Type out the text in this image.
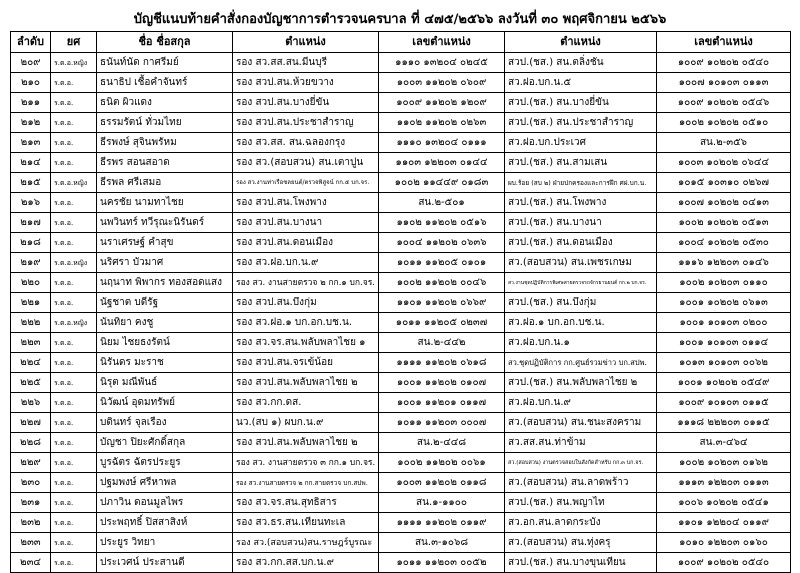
บัญชีแนบท้ายคำสั่งกองบัญชาการตำรวจนครบาล ที่ ๔๗๕/๒๕๖๖ ลงวันที่ ๓๐ พฤศจิกายน ๒๕๖๖
ลำดับ	ยศ	ชื่อ ชื่อสกุล	ตำแหน่ง	เลขตำแหน่ง	ตำแหน่ง	เลขตำแหน่ง
๒๐๙	ร.ต.อ.หญิง	ธนันท์นัด กาศรีมย์	รอง สว.สส.สน.มีนบุรี	๑๑๑๐ ๑๓๒๐๔ ๐๒๔๕	สวป.(ชส.) สน.ตลิ่งชัน	๑๐๐๙ ๑๐๒๐๒ ๐๕๔๐
๒๑๐	ร.ต.อ.	ธนาธิป เชื้อคำจันทร์	รอง สวป.สน.ห้วยขวาง	๑๐๐๓ ๑๑๒๐๒ ๐๖๐๙	สว.ฝอ.บก.น.๕	๑๐๐๗ ๑๐๑๐๓ ๐๑๑๓
๒๑๑	ร.ต.อ.	ธนิต ผิวแดง	รอง สวป.สน.บางยี่ขัน	๑๐๐๙ ๑๑๒๐๒ ๑๒๐๙	สวป.(ชส.) สน.บางยี่ขัน	๑๐๐๙ ๑๐๒๐๒ ๐๕๔๖
๒๑๒	ร.ต.อ.	ธรรมรัตน์ ทั่วมไทย	รอง สวป.สน.ประชาสำราญ	๑๑๐๒ ๑๑๒๐๒ ๐๒๖๓	สวป.(ชส.) สน.ประชาสำราญ	๑๐๐๒ ๑๐๒๐๒ ๐๕๑๐
๒๑๓	ร.ต.อ.	ธีรพงษ์ สุจินพรัหม	รอง สว.สส. สน.ฉลองกรุง	๑๑๑๐ ๑๓๒๐๔ ๐๑๑๑	สว.ฝอ.บก.ประเวศ	สน.๒-๓๕๖
๒๑๔	ร.ต.อ.	ธีรพร สอนสอาด	รอง สว.(สอบสวน) สน.เตาปูน	๑๑๐๓ ๑๒๒๐๓ ๐๑๔๔	สวป.(ชส.) สน.สามเสน	๑๐๐๓ ๑๐๒๐๒ ๐๖๔๔
๒๑๕	ร.ต.อ.หญิง	ธีรพล ศรีเสมอ	รอง สว.งานท่าเรือชลยนต์/ตรวจพิสูจน์ กก.๕ บก.จร.	๑๐๐๒ ๑๑๔๔๙ ๐๑๘๓	ผบ.ร้อย (สบ ๒) ฝ่ายปกครองและการฝึก ศฝ.บก.น.	๑๐๑๕ ๑๐๓๑๐ ๐๒๖๗
๒๑๖	ร.ต.อ.	นครชัย นามทาไชย	รอง สวป.สน.โพงพาง	สน.๒-๕๐๑	สวป.(ชส.) สน.โพงพาง	๑๐๐๗ ๑๐๒๐๒ ๐๔๑๓
๒๑๗	ร.ต.อ.	นพวินทร์ ทวีรุณะนิรันดร์	รอง สวป.สน.บางนา	๑๑๐๒ ๑๑๒๐๒ ๐๕๑๖	สวป.(ชส.) สน.บางนา	๑๐๐๒ ๑๐๒๐๒ ๐๕๑๓
๒๑๘	ร.ต.อ.	นราเศรษฐ์ คำสุข	รอง สวป.สน.ดอนเมือง	๑๐๐๔ ๑๑๒๐๒ ๐๖๓๖	สวป.(ชส.) สน.ดอนเมือง	๑๐๐๔ ๑๐๒๐๒ ๐๕๓๐
๒๑๙	ร.ต.อ.หญิง	นริศรา บัวมาศ	รอง สว.ฝอ.บก.น.๙	๑๐๑๑ ๑๑๒๐๕ ๐๑๐๑	สว.(สอบสวน) สน.เพชรเกษม	๑๑๑๖ ๑๒๒๐๓ ๐๑๔๖
๒๒๐	ร.ต.อ.	นฤนาท พิพากร ทองสอดแสง	รอง สว. งานสายตรวจ ๒ กก.๑ บก.จร.	๑๐๐๒ ๑๑๒๐๒ ๐๐๔๖	สว.งานชุดปฏิบัติการพิเศษสายตรวจรถจักรยานยนต์ กก.๒ บก.จร.	๑๐๐๒ ๑๐๒๐๓ ๐๑๑๐
๒๒๑	ร.ต.อ.	นัฐชาต บดีรัฐ	รอง สวป.สน.บึงกุ่ม	๑๑๐๑ ๑๑๒๐๒ ๐๖๖๙	สวป.(ชส.) สน.บึงกุ่ม	๑๐๐๑ ๑๐๒๐๒ ๐๖๑๓
๒๒๒	ร.ต.อ.หญิง	นันทิยา คงชู	รอง สว.ฝอ.๑ บก.อก.บช.น.	๑๐๑๑ ๑๑๒๐๕ ๐๒๓๗	สว.ฝอ.๑ บก.อก.บช.น.	๑๐๐๑ ๑๐๑๐๓ ๐๒๐๐
๒๒๓	ร.ต.อ.	นิยม ไชยธงรัตน์	รอง สว.จร.สน.พลับพลาไชย ๑	สน.๒-๔๔๒	สว.ฝอ.บก.น.๑	๑๐๐๑ ๑๐๑๐๓ ๐๑๑๔
๒๒๔	ร.ต.อ.	นิรันดร มะราช	รอง สวป.สน.จรเข้น้อย	๑๑๑๑ ๑๑๒๐๒ ๐๖๑๘	สว.ชุดปฏิบัติการ กก.ศูนย์รวมข่าว บก.สปพ.	๑๐๑๓ ๑๐๑๐๓ ๐๐๖๒
๒๒๕	ร.ต.อ.	นิรุต มณีพันธ์	รอง สวป.สน.พลับพลาไชย ๒	๑๐๐๑ ๑๑๒๐๒ ๐๑๐๗	สวป.(ชส.) สน.พลับพลาไชย ๒	๑๐๐๑ ๑๐๒๐๒ ๐๕๔๙
๒๒๖	ร.ต.อ.	นิวัฒน์ อุดมทรัพย์	รอง สว.กก.ดส.	๑๐๐๑ ๑๑๒๐๑ ๐๑๑๗	สว.ฝอ.บก.น.๙	๑๐๐๙ ๑๐๑๐๓ ๐๑๑๕
๒๒๗	ร.ต.อ.	บดินทร์ จุลเรือง	นว.(สบ ๑) ผบก.น.๙	๑๐๑๑ ๑๑๒๐๓ ๐๐๐๗	สว.(สอบสวน) สน.ชนะสงคราม	๑๑๑๘ ๒๒๒๐๓ ๐๑๑๕
๒๒๘	ร.ต.อ.	บัญชา ปิยะศักดิ์สกุล	รอง สวป.สน.พลับพลาไชย ๒	สน.๒-๔๔๘	สว.สส.สน.ท่าข้าม	สน.๓-๔๖๔
๒๒๙	ร.ต.อ.	บูรฉัตร ฉัตรประยูร	รอง สว. งานสายตรวจ ๓ กก.๑ บก.จร.	๑๐๐๒ ๑๑๒๐๒ ๐๐๖๑	สว.(สอบสวน) งานตรวจสอบในสังกัดสำหรับ กก.๓ บก.จร.	๑๐๐๒ ๑๐๒๐๓ ๐๑๖๒
๒๓๐	ร.ต.อ.	ปฐมพงษ์ ศรีหาพล	รอง สว.งานสายตรวจ ๒ กก.สายตรวจ บก.สปพ.	๑๐๐๓ ๑๑๒๐๒ ๐๑๑๘	สว.(สอบสวน) สน.ลาดพร้าว	๑๑๑๓ ๑๒๒๐๓ ๐๑๑๓
๒๓๑	ร.ต.อ.	ปภาวิน ดอนมูลไพร	รอง สว.จร.สน.สุทธิสาร	สน.๑-๑๑๐๐	สวป.(ชส.) สน.พญาไท	๑๐๐๖ ๑๐๒๐๒ ๐๕๔๑
๒๓๒	ร.ต.อ.	ประพฤทธิ์ ปิสสาสิงห์	รอง สว.ธร.สน.เทียนทะเล	๑๑๑๑ ๑๑๒๐๒ ๐๑๑๙	สว.อก.สน.ลาดกระบัง	๑๑๐๑ ๑๒๒๐๔ ๐๑๑๙
๒๓๓	ร.ต.อ.	ประยูร วิทยา	รอง สว.(สอบสวน)สน.ราษฎร์บูรณะ	สน.๓-๑๐๖๘	สว.(สอบสวน) สน.ทุ่งครุ	๑๐๑๐ ๑๒๒๐๓ ๐๑๖๐
๒๓๔	ร.ต.อ.	ประเวศน์ ประสานดี	รอง สว.กก.สส.บก.น.๙	๑๐๑๑ ๑๑๒๐๓ ๐๐๕๒	สวป.(ชส.) สน.บางขุนเทียน	๑๐๐๙ ๑๐๒๐๒ ๐๕๔๐
